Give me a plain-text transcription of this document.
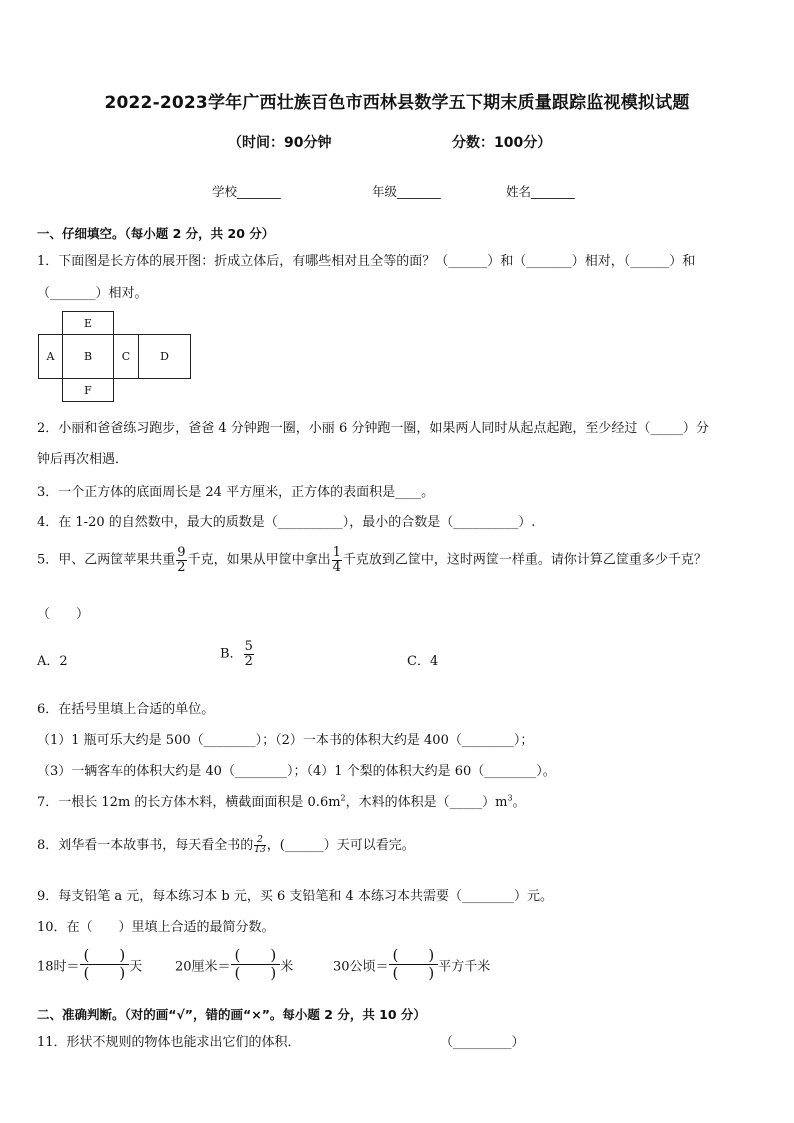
2022-2023学年广西壮族百色市西林县数学五下期末质量跟踪监视模拟试题
（时间：90分钟	分数：100分）
学校_______	年级_______	姓名_______
一、仔细填空。（每小题 2 分，共 20 分）
1．下面图是长方体的展开图：折成立体后，有哪些相对且全等的面？（______）和（_______）相对，（______）和
（_______）相对。
E
A	B	C	D
F
2．小丽和爸爸练习跑步，爸爸 4 分钟跑一圈，小丽 6 分钟跑一圈，如果两人同时从起点起跑，至少经过（_____）分
钟后再次相遇．
3．一个正方体的底面周长是 24 平方厘米，正方体的表面积是____。
4．在 1-20 的自然数中，最大的质数是（__________），最小的合数是（__________）.
5．甲、乙两筐苹果共重 $\frac{9}{2}$ 千克，如果从甲筐中拿出 $\frac{1}{4}$ 千克放到乙筐中，这时两筐一样重。请你计算乙筐重多少千克？
（　　）
A．2	B． $\frac{5}{2}$	C．4
6．在括号里填上合适的单位。
（1）1 瓶可乐大约是 500（________）；（2）一本书的体积大约是 400（________）；
（3）一辆客车的体积大约是 40（________）；（4）1 个梨的体积大约是 60（________）。
7．一根长 12m 的长方体木料，横截面面积是 $0.6m^2$，木料的体积是$(\_\_\_\_\_)m^3$。
8．刘华看一本故事书，每天看全书的 $\frac{2}{13}$ ，(______）天可以看完。
9．每支铅笔 a 元，每本练习本 b 元，买 6 支铅笔和 4 本练习本共需要（________）元。
10．在（　　）里填上合适的最简分数。
18时＝ $\frac{( )}{( )}$ 天	20厘米＝ $\frac{( )}{( )}$ 米	30公顷＝ $\frac{( )}{( )}$ 平方千米
二、准确判断。（对的画“√”，错的画“×”。每小题 2 分，共 10 分）
11．形状不规则的物体也能求出它们的体积．	（_________）
